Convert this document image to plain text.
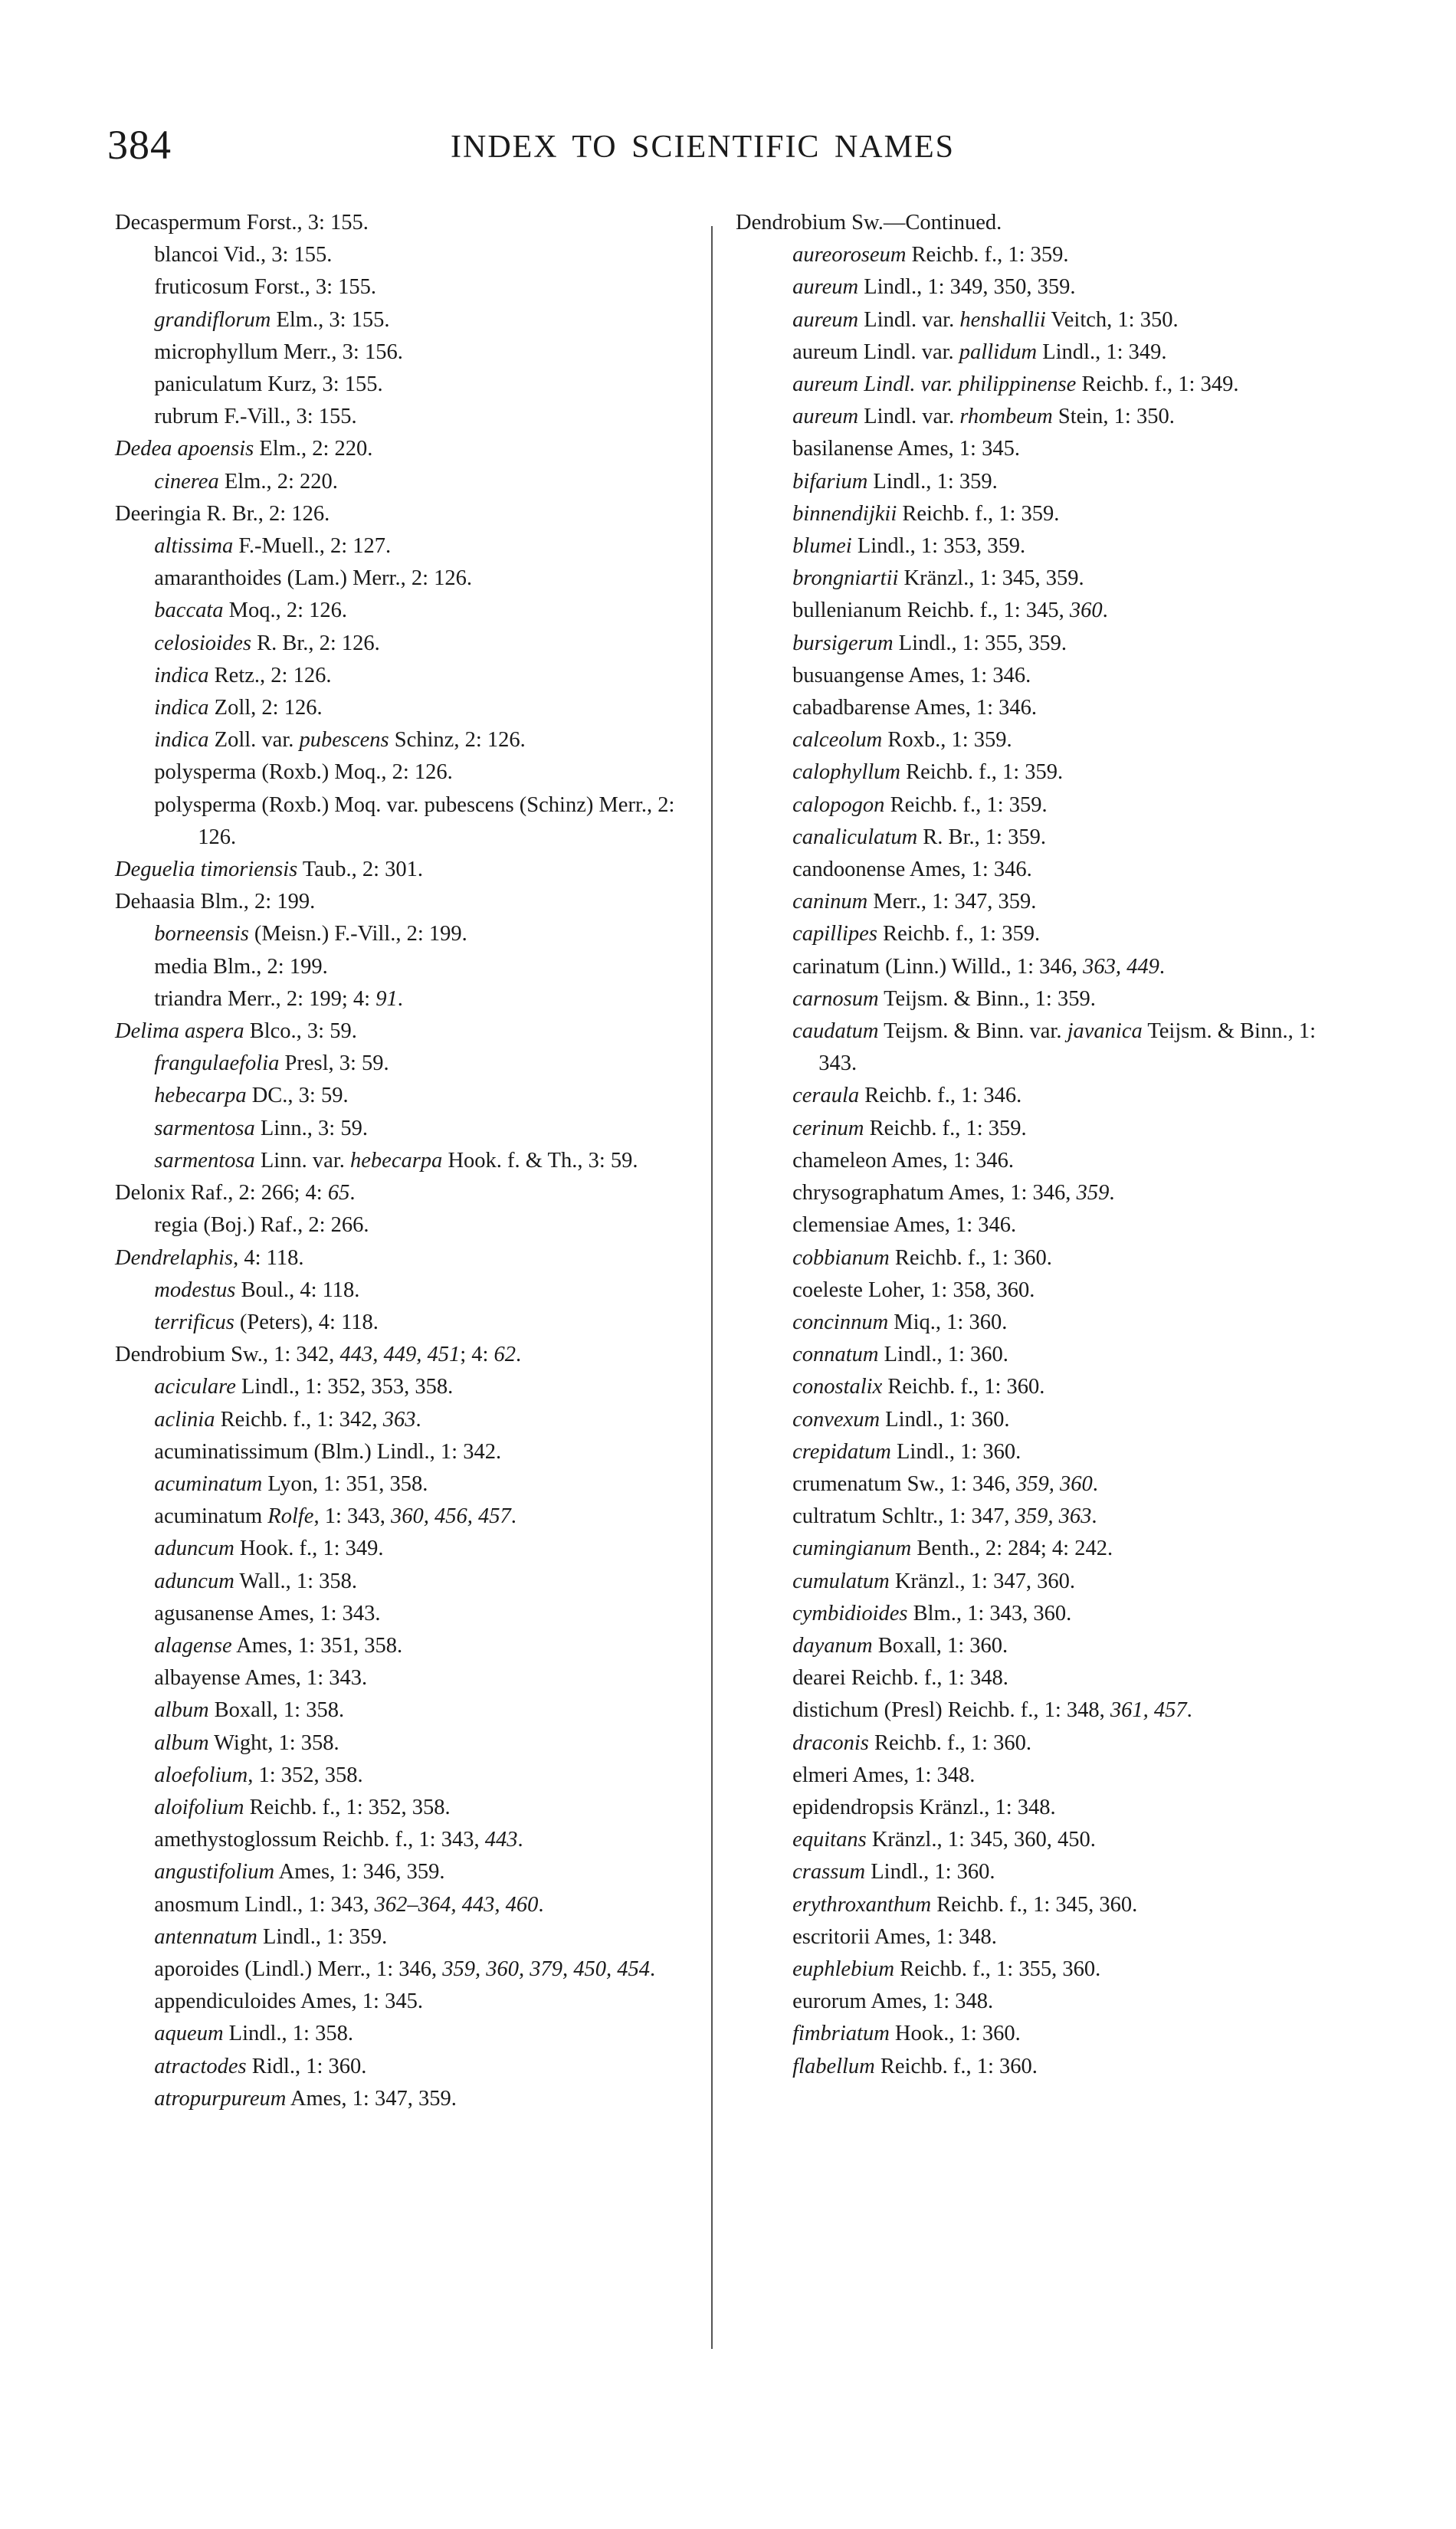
384	INDEX TO SCIENTIFIC NAMES

Decaspermum Forst., 3: 155.

blancoi Vid., 3: 155.

fruticosum Forst., 3: 155.

grandiflorum Elm., 3: 155.

microphyllum Merr., 3: 156.

paniculatum Kurz, 3: 155.

rubrum F.-Vill., 3: 155.

Dedea apoensis Elm., 2: 220.

cinerea Elm., 2: 220.

Deeringia R. Br., 2: 126.

altissima F.-Muell., 2: 127.

amaranthoides (Lam.) Merr., 2: 126.

baccata Moq., 2: 126.

celosioides R. Br., 2: 126.

indica Retz., 2: 126.

indica Zoll, 2: 126.

indica Zoll. var. pubescens Schinz, 2: 126.

polysperma (Roxb.) Moq., 2: 126.

polysperma (Roxb.) Moq. var. pubescens (Schinz) Merr., 2: 126.

Deguelia timoriensis Taub., 2: 301.

Dehaasia Blm., 2: 199.

borneensis (Meisn.) F.-Vill., 2: 199.

media Blm., 2: 199.

triandra Merr., 2: 199; 4: 91.

Delima aspera Blco., 3: 59.

frangulaefolia Presl, 3: 59.

hebecarpa DC., 3: 59.

sarmentosa Linn., 3: 59.

sarmentosa Linn. var. hebecarpa Hook. f. & Th., 3: 59.

Delonix Raf., 2: 266; 4: 65.

regia (Boj.) Raf., 2: 266.

Dendrelaphis, 4: 118.

modestus Boul., 4: 118.

terrificus (Peters), 4: 118.

Dendrobium Sw., 1: 342, 443, 449, 451; 4: 62.

aciculare Lindl., 1: 352, 353, 358.

aclinia Reichb. f., 1: 342, 363.

acuminatissimum (Blm.) Lindl., 1: 342.

acuminatum Lyon, 1: 351, 358.

acuminatum Rolfe, 1: 343, 360, 456, 457.

aduncum Hook. f., 1: 349.

aduncum Wall., 1: 358.

agusanense Ames, 1: 343.

alagense Ames, 1: 351, 358.

albayense Ames, 1: 343.

album Boxall, 1: 358.

album Wight, 1: 358.

aloefolium, 1: 352, 358.

aloifolium Reichb. f., 1: 352, 358.

amethystoglossum Reichb. f., 1: 343, 443.

angustifolium Ames, 1: 346, 359.

anosmum Lindl., 1: 343, 362–364, 443, 460.

antennatum Lindl., 1: 359.

aporoides (Lindl.) Merr., 1: 346, 359, 360, 379, 450, 454.

appendiculoides Ames, 1: 345.

aqueum Lindl., 1: 358.

atractodes Ridl., 1: 360.

atropurpureum Ames, 1: 347, 359.

Dendrobium Sw.—Continued.

aureoroseum Reichb. f., 1: 359.

aureum Lindl., 1: 349, 350, 359.

aureum Lindl. var. henshallii Veitch, 1: 350.

aureum Lindl. var. pallidum Lindl., 1: 349.

aureum Lindl. var. philippinense Reichb. f., 1: 349.

aureum Lindl. var. rhombeum Stein, 1: 350.

basilanense Ames, 1: 345.

bifarium Lindl., 1: 359.

binnendijkii Reichb. f., 1: 359.

blumei Lindl., 1: 353, 359.

brongniartii Kränzl., 1: 345, 359.

bullenianum Reichb. f., 1: 345, 360.

bursigerum Lindl., 1: 355, 359.

busuangense Ames, 1: 346.

cabadbarense Ames, 1: 346.

calceolum Roxb., 1: 359.

calophyllum Reichb. f., 1: 359.

calopogon Reichb. f., 1: 359.

canaliculatum R. Br., 1: 359.

candoonense Ames, 1: 346.

caninum Merr., 1: 347, 359.

capillipes Reichb. f., 1: 359.

carinatum (Linn.) Willd., 1: 346, 363, 449.

carnosum Teijsm. & Binn., 1: 359.

caudatum Teijsm. & Binn. var. javanica Teijsm. & Binn., 1: 343.

ceraula Reichb. f., 1: 346.

cerinum Reichb. f., 1: 359.

chameleon Ames, 1: 346.

chrysographatum Ames, 1: 346, 359.

clemensiae Ames, 1: 346.

cobbianum Reichb. f., 1: 360.

coeleste Loher, 1: 358, 360.

concinnum Miq., 1: 360.

connatum Lindl., 1: 360.

conostalix Reichb. f., 1: 360.

convexum Lindl., 1: 360.

crepidatum Lindl., 1: 360.

crumenatum Sw., 1: 346, 359, 360.

cultratum Schltr., 1: 347, 359, 363.

cumingianum Benth., 2: 284; 4: 242.

cumulatum Kränzl., 1: 347, 360.

cymbidioides Blm., 1: 343, 360.

dayanum Boxall, 1: 360.

dearei Reichb. f., 1: 348.

distichum (Presl) Reichb. f., 1: 348, 361, 457.

draconis Reichb. f., 1: 360.

elmeri Ames, 1: 348.

epidendropsis Kränzl., 1: 348.

equitans Kränzl., 1: 345, 360, 450.

crassum Lindl., 1: 360.

erythroxanthum Reichb. f., 1: 345, 360.

escritorii Ames, 1: 348.

euphlebium Reichb. f., 1: 355, 360.

eurorum Ames, 1: 348.

fimbriatum Hook., 1: 360.

flabellum Reichb. f., 1: 360.
